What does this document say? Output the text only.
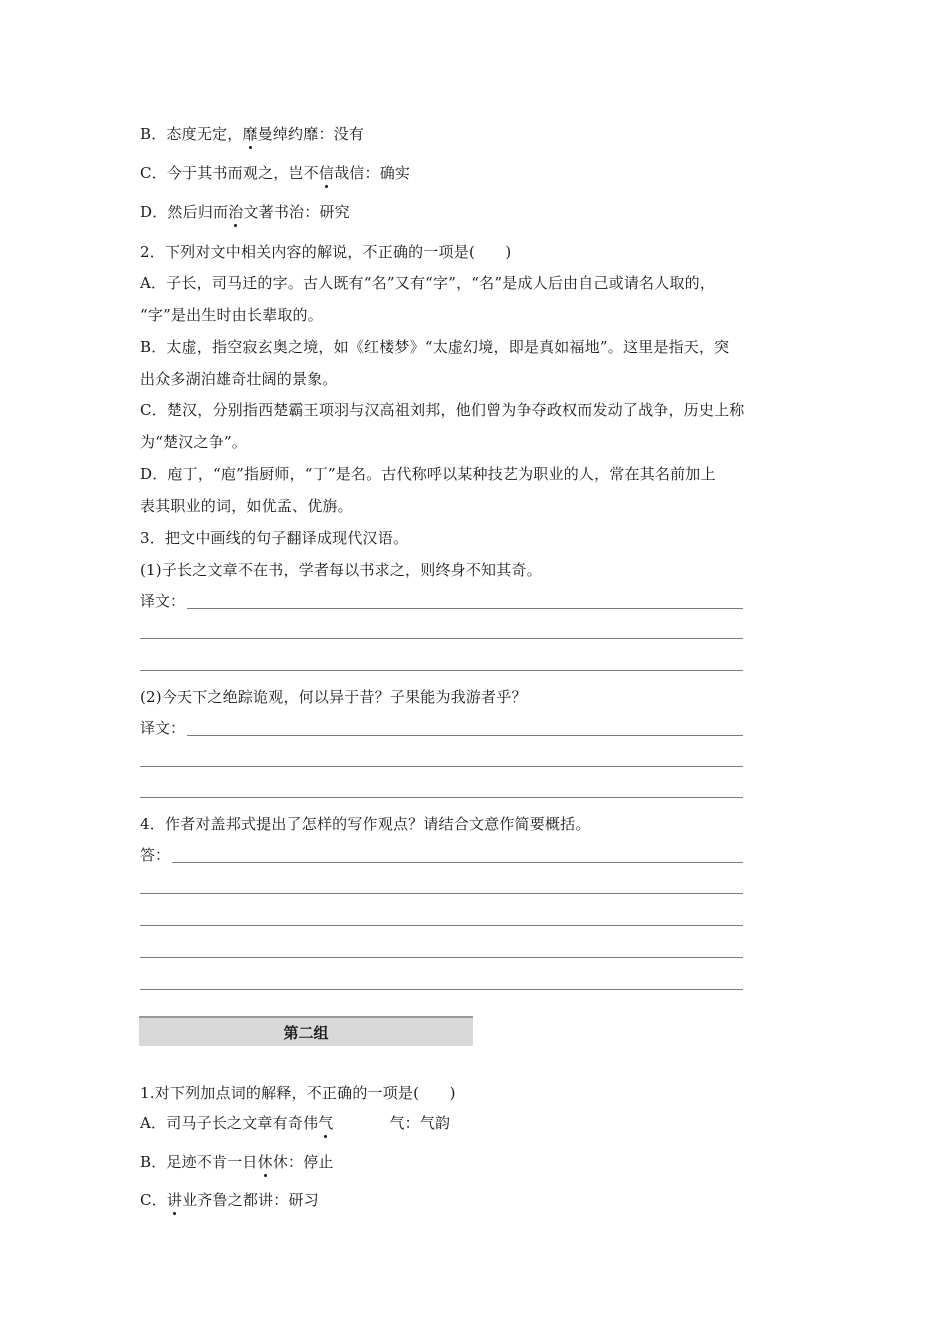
B．态度无定，靡曼绰约靡：没有
C．今于其书而观之，岂不信哉信：确实
D．然后归而治文著书治：研究
2．下列对文中相关内容的解说，不正确的一项是(　　)
A．子长，司马迁的字。古人既有“名”又有“字”，“名”是成人后由自己或请名人取的，
“字”是出生时由长辈取的。
B．太虚，指空寂玄奥之境，如《红楼梦》“太虚幻境，即是真如福地”。这里是指天，突
出众多湖泊雄奇壮阔的景象。
C．楚汉，分别指西楚霸王项羽与汉高祖刘邦，他们曾为争夺政权而发动了战争，历史上称
为“楚汉之争”。
D．庖丁，“庖”指厨师，“丁”是名。古代称呼以某种技艺为职业的人，常在其名前加上
表其职业的词，如优孟、优旃。
3．把文中画线的句子翻译成现代汉语。
(1)子长之文章不在书，学者每以书求之，则终身不知其奇。
译文：
(2)今天下之绝踪诡观，何以异于昔？子果能为我游者乎？
译文：
4．作者对盖邦式提出了怎样的写作观点？请结合文意作简要概括。
答：
第二组
1.对下列加点词的解释，不正确的一项是(　　)
A．司马子长之文章有奇伟气	气：气韵
B．足迹不肯一日休休：停止
C．讲业齐鲁之都讲：研习
